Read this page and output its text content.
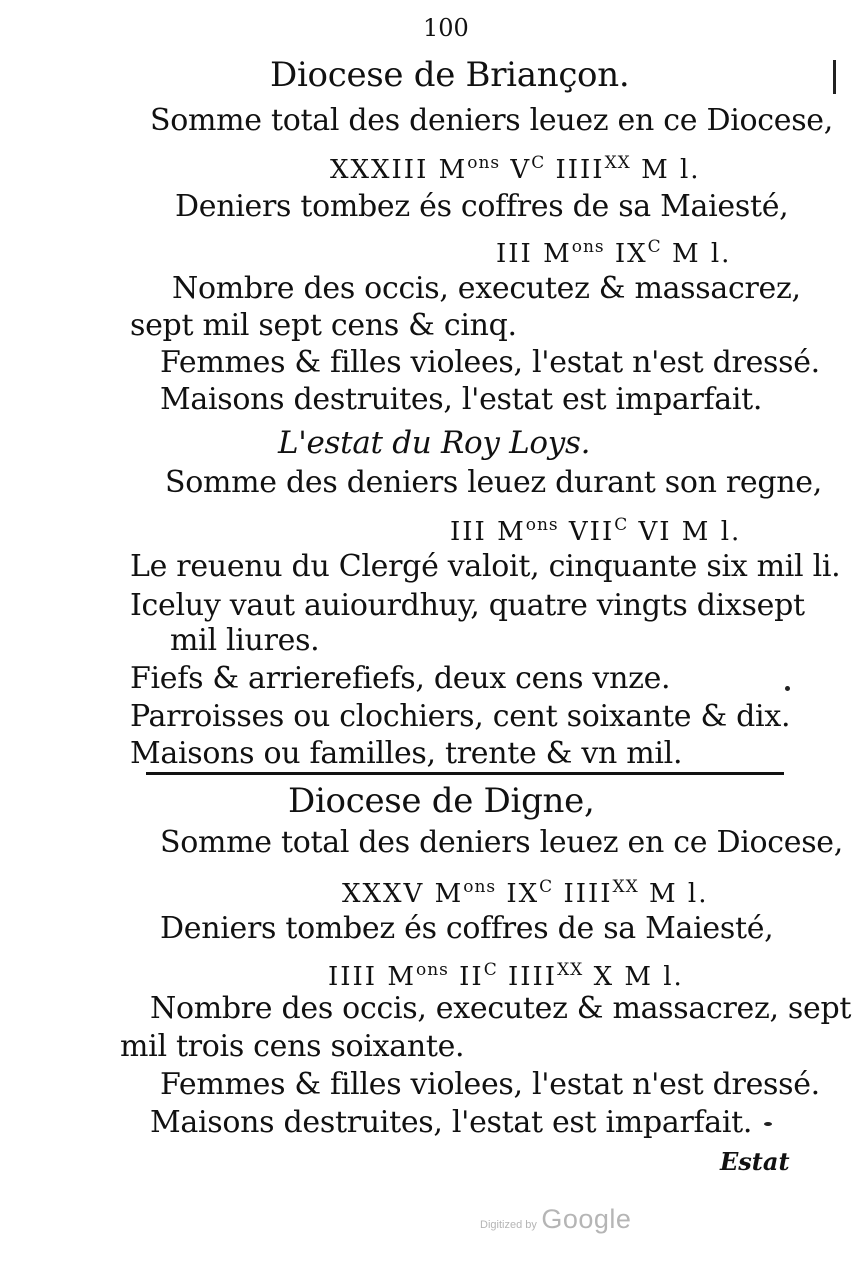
100
Diocese de Briançon.
Somme total des deniers leuez en ce Diocese,
XXXIII $M^{ons}$ $V^C$ $IIII^{XX}$ M l.
Deniers tombez és coffres de sa Maiesté,
III $M^{ons}$ $IX^C$ M l.
Nombre des occis, executez & massacrez,
sept mil sept cens & cinq.
Femmes & filles violees, l'estat n'est dressé.
Maisons destruites, l'estat est imparfait.
L'estat du Roy Loys.
Somme des deniers leuez durant son regne,
III $M^{ons}$ $VII^C$ VI M l.
Le reuenu du Clergé valoit, cinquante six mil li.
Iceluy vaut auiourdhuy, quatre vingts dixsept
mil liures.
Fiefs & arrierefiefs, deux cens vnze.
Parroisses ou clochiers, cent soixante & dix.
Maisons ou familles, trente & vn mil.
Diocese de Digne,
Somme total des deniers leuez en ce Diocese,
XXXV $M^{ons}$ $IX^C$ $IIII^{XX}$ M l.
Deniers tombez és coffres de sa Maiesté,
IIII $M^{ons}$ $II^C$ $IIII^{XX}$ X M l.
Nombre des occis, executez & massacrez, sept
mil trois cens soixante.
Femmes & filles violees, l'estat n'est dressé.
Maisons destruites, l'estat est imparfait.
Estat
Digitized by Google
